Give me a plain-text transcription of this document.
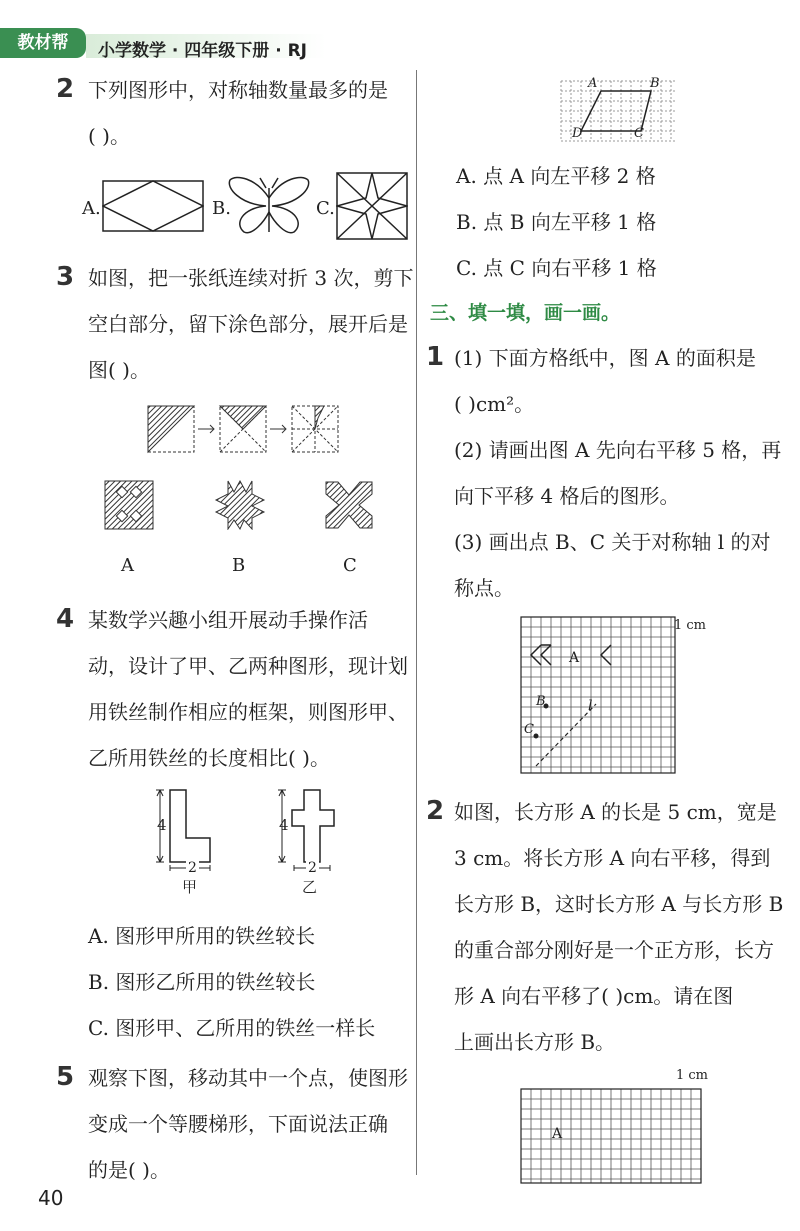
教材帮	小学数学 · 四年级下册 · RJ
2 下列图形中，对称轴数量最多的是
( )。
A.	B.	C.
3 如图，把一张纸连续对折 3 次，剪下
空白部分，留下涂色部分，展开后是
图( )。
A	B	C
4 某数学兴趣小组开展动手操作活
动，设计了甲、乙两种图形，现计划
用铁丝制作相应的框架，则图形甲、
乙所用铁丝的长度相比( )。
4
2
甲
4
2
乙
A. 图形甲所用的铁丝较长
B. 图形乙所用的铁丝较长
C. 图形甲、乙所用的铁丝一样长
5 观察下图，移动其中一个点，使图形
变成一个等腰梯形，下面说法正确
的是( )。
A	B
D	C
A. 点 A 向左平移 2 格
B. 点 B 向左平移 1 格
C. 点 C 向右平移 1 格
三、填一填，画一画。
1 (1) 下面方格纸中，图 A 的面积是
( )cm²。
(2) 请画出图 A 先向右平移 5 格，再
向下平移 4 格后的图形。
(3) 画出点 B、C 关于对称轴 l 的对
称点。
A
B
C
l
1 cm
2 如图，长方形 A 的长是 5 cm，宽是
3 cm。将长方形 A 向右平移，得到
长方形 B，这时长方形 A 与长方形 B
的重合部分刚好是一个正方形，长方
形 A 向右平移了( )cm。请在图
上画出长方形 B。
A
1 cm
40
